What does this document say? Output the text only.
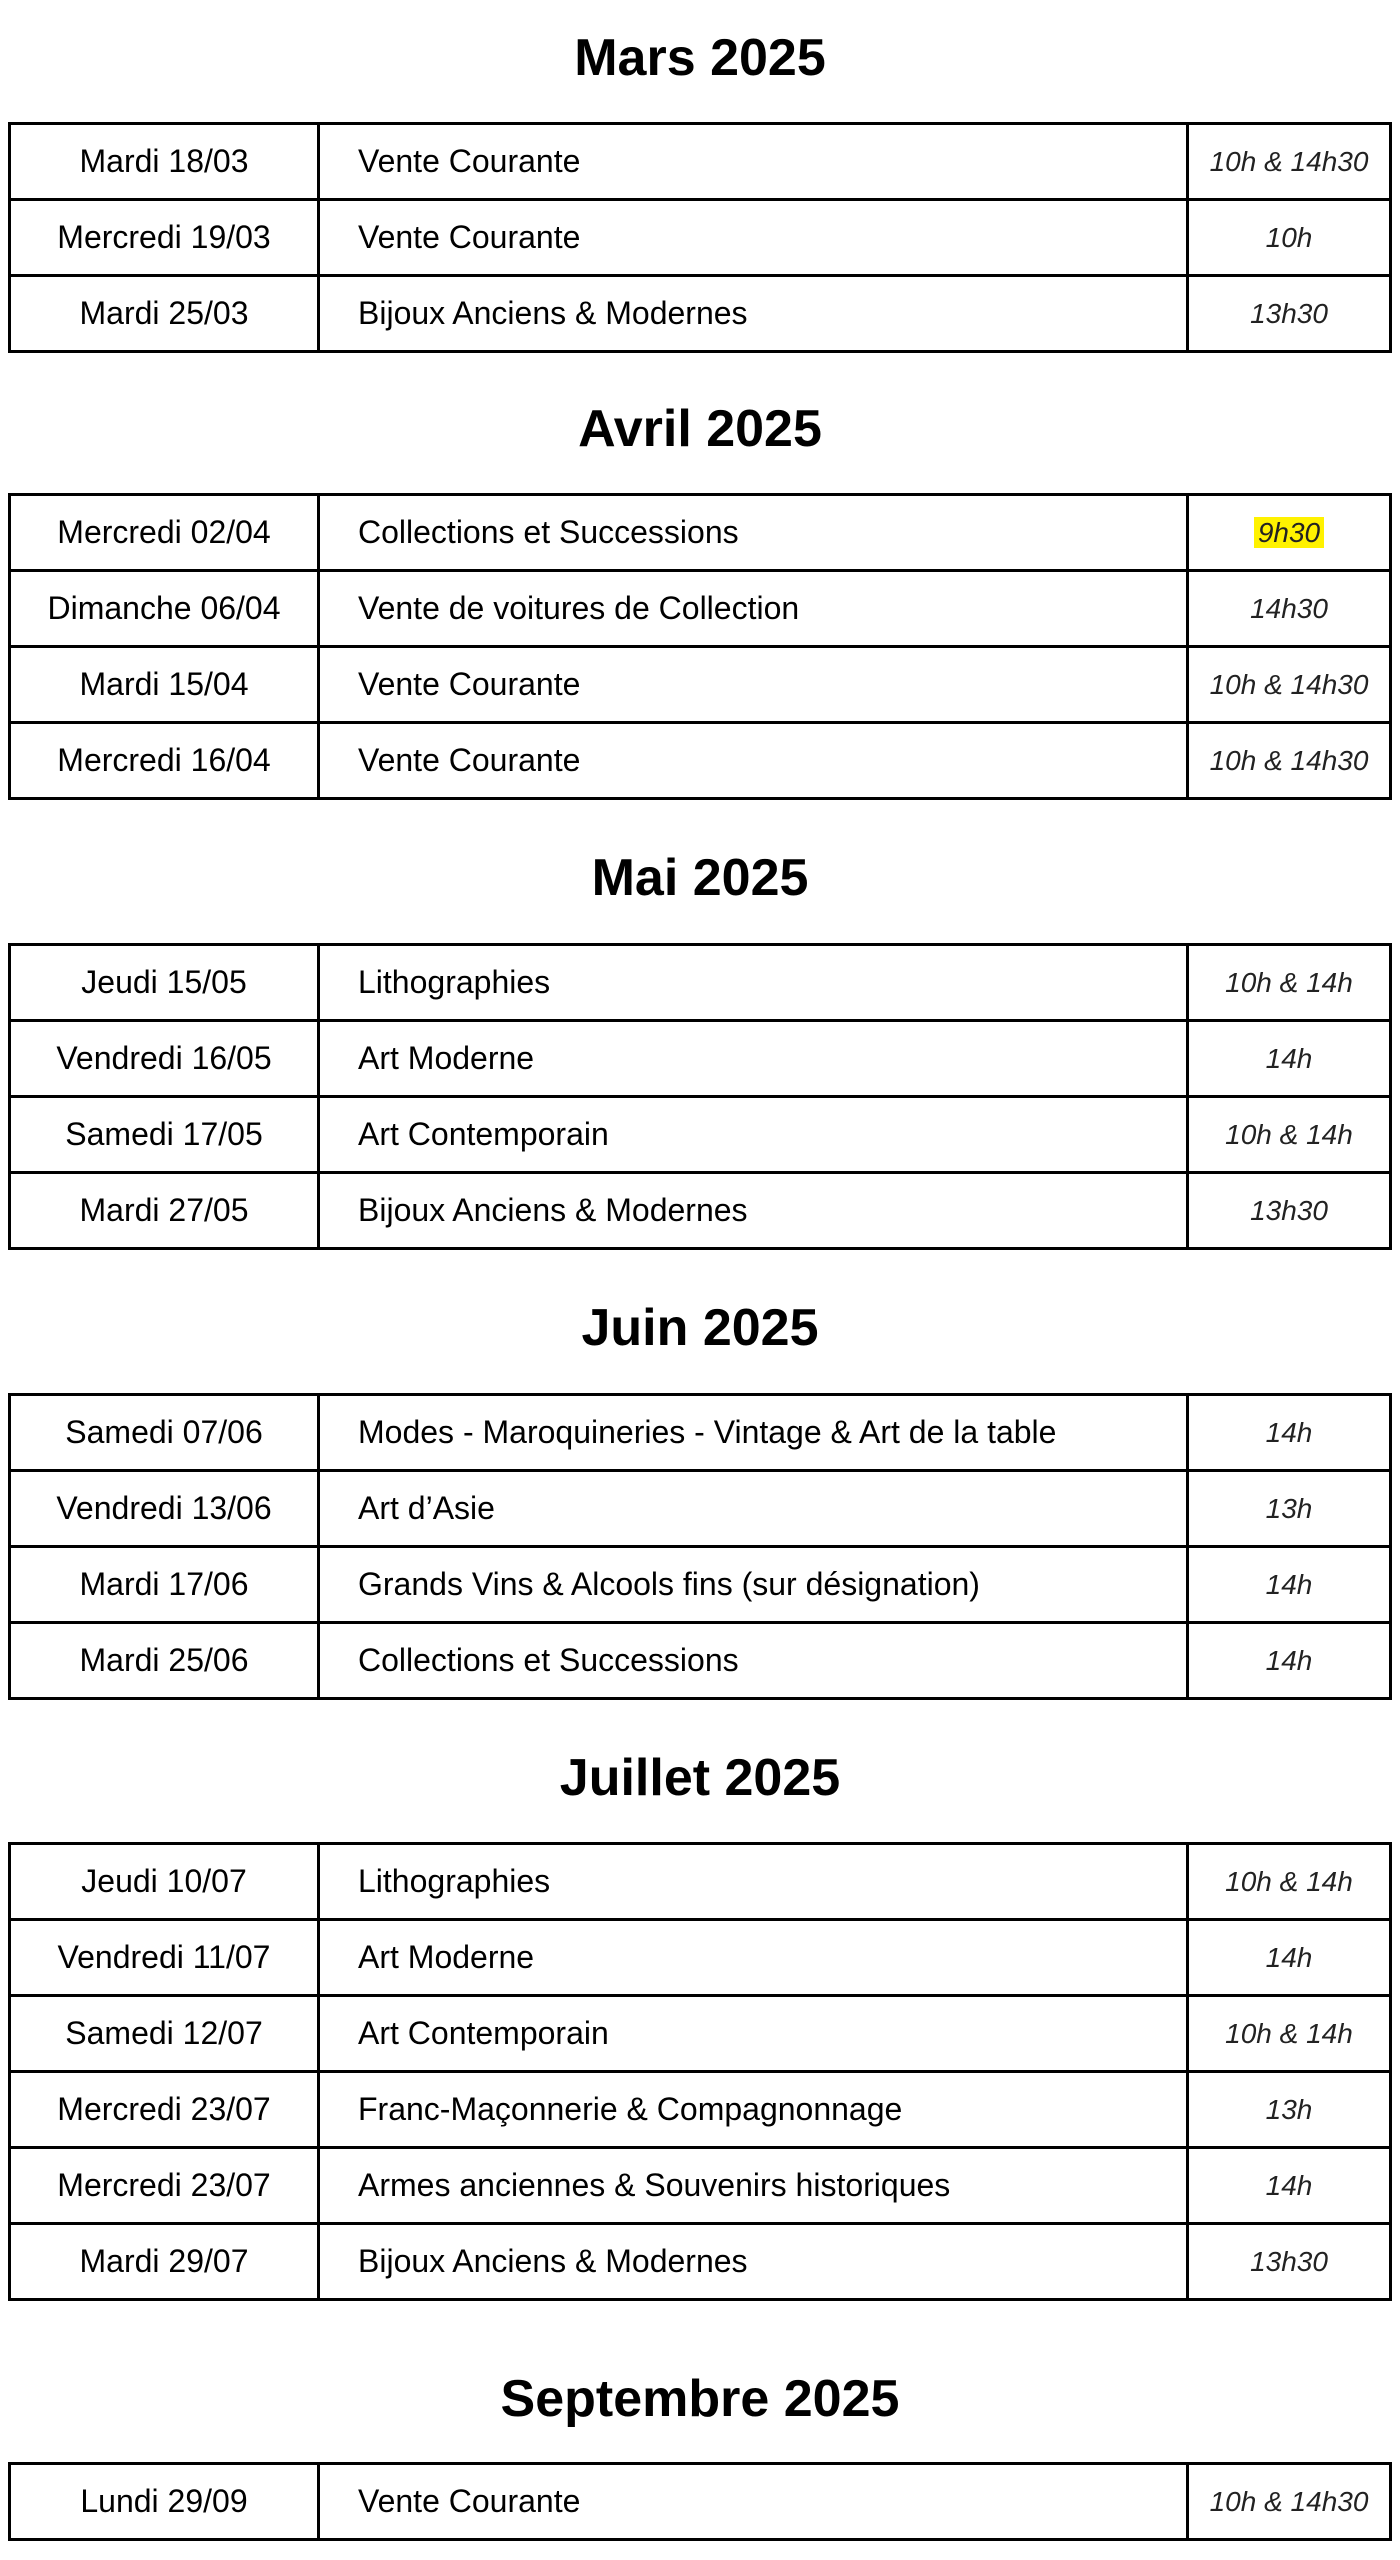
Mars 2025
Mardi 18/03	Vente Courante	10h & 14h30
Mercredi 19/03	Vente Courante	10h
Mardi 25/03	Bijoux Anciens & Modernes	13h30
Avril 2025
Mercredi 02/04	Collections et Successions	9h30
Dimanche 06/04	Vente de voitures de Collection	14h30
Mardi 15/04	Vente Courante	10h & 14h30
Mercredi 16/04	Vente Courante	10h & 14h30
Mai 2025
Jeudi 15/05	Lithographies	10h & 14h
Vendredi 16/05	Art Moderne	14h
Samedi 17/05	Art Contemporain	10h & 14h
Mardi 27/05	Bijoux Anciens & Modernes	13h30
Juin 2025
Samedi 07/06	Modes - Maroquineries - Vintage & Art de la table	14h
Vendredi 13/06	Art d’Asie	13h
Mardi 17/06	Grands Vins & Alcools fins (sur désignation)	14h
Mardi 25/06	Collections et Successions	14h
Juillet 2025
Jeudi 10/07	Lithographies	10h & 14h
Vendredi 11/07	Art Moderne	14h
Samedi 12/07	Art Contemporain	10h & 14h
Mercredi 23/07	Franc-Maçonnerie & Compagnonnage	13h
Mercredi 23/07	Armes anciennes & Souvenirs historiques	14h
Mardi 29/07	Bijoux Anciens & Modernes	13h30
Septembre 2025
Lundi 29/09	Vente Courante	10h & 14h30
